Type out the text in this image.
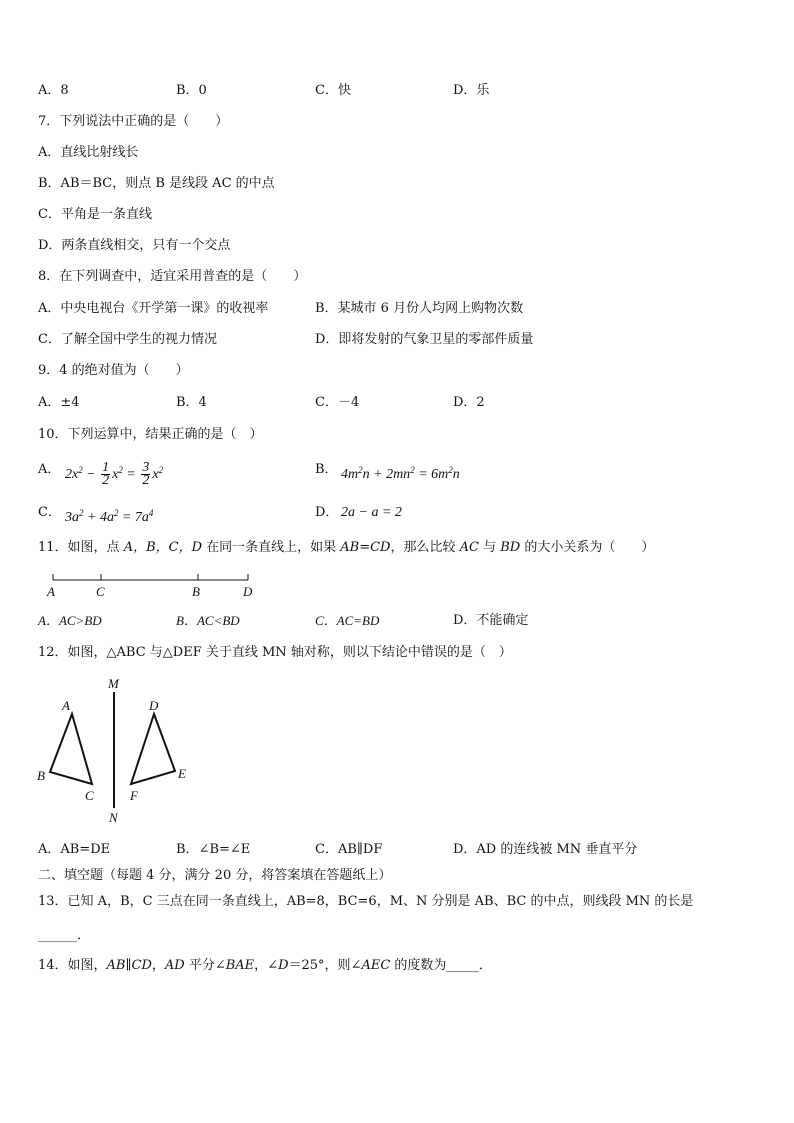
A．8	B．0	C．快	D．乐
7．下列说法中正确的是（　　）
A．直线比射线长
B．AB＝BC，则点 B 是线段 AC 的中点
C．平角是一条直线
D．两条直线相交，只有一个交点
8．在下列调查中，适宜采用普查的是（　　）
A．中央电视台《开学第一课》的收视率	B．某城市 6 月份人均网上购物次数
C．了解全国中学生的视力情况	D．即将发射的气象卫星的零部件质量
9．4 的绝对值为（　　）
A．±4	B．4	C．－4	D．2
10．下列运算中，结果正确的是（　）
A． $2x^2 - \frac{1}{2} x^2 = \frac{3}{2} x^2$	B． $4m^2n + 2mn^2 = 6m^2n$
C． $3a^2 + 4a^2 = 7a^4$	D． 2a − a = 2
11．如图，点 A，B，C，D 在同一条直线上，如果 AB=CD，那么比较 AC 与 BD 的大小关系为（　　）
A	C	B	D
A．AC>BD	B．AC<BD	C．AC=BD	D．不能确定
12．如图，△ABC 与△DEF 关于直线 MN 轴对称，则以下结论中错误的是（　）
M
N
A
B
C
D
E
F
A．AB=DE	B．∠B=∠E	C．AB∥DF	D．AD 的连线被 MN 垂直平分
二、填空题（每题 4 分，满分 20 分，将答案填在答题纸上）
13．已知 A，B，C 三点在同一条直线上，AB=8，BC=6，M、N 分别是 AB、BC 的中点，则线段 MN 的长是
______．
14．如图，AB∥CD，AD 平分∠BAE，∠D＝25°，则∠AEC 的度数为_____．
